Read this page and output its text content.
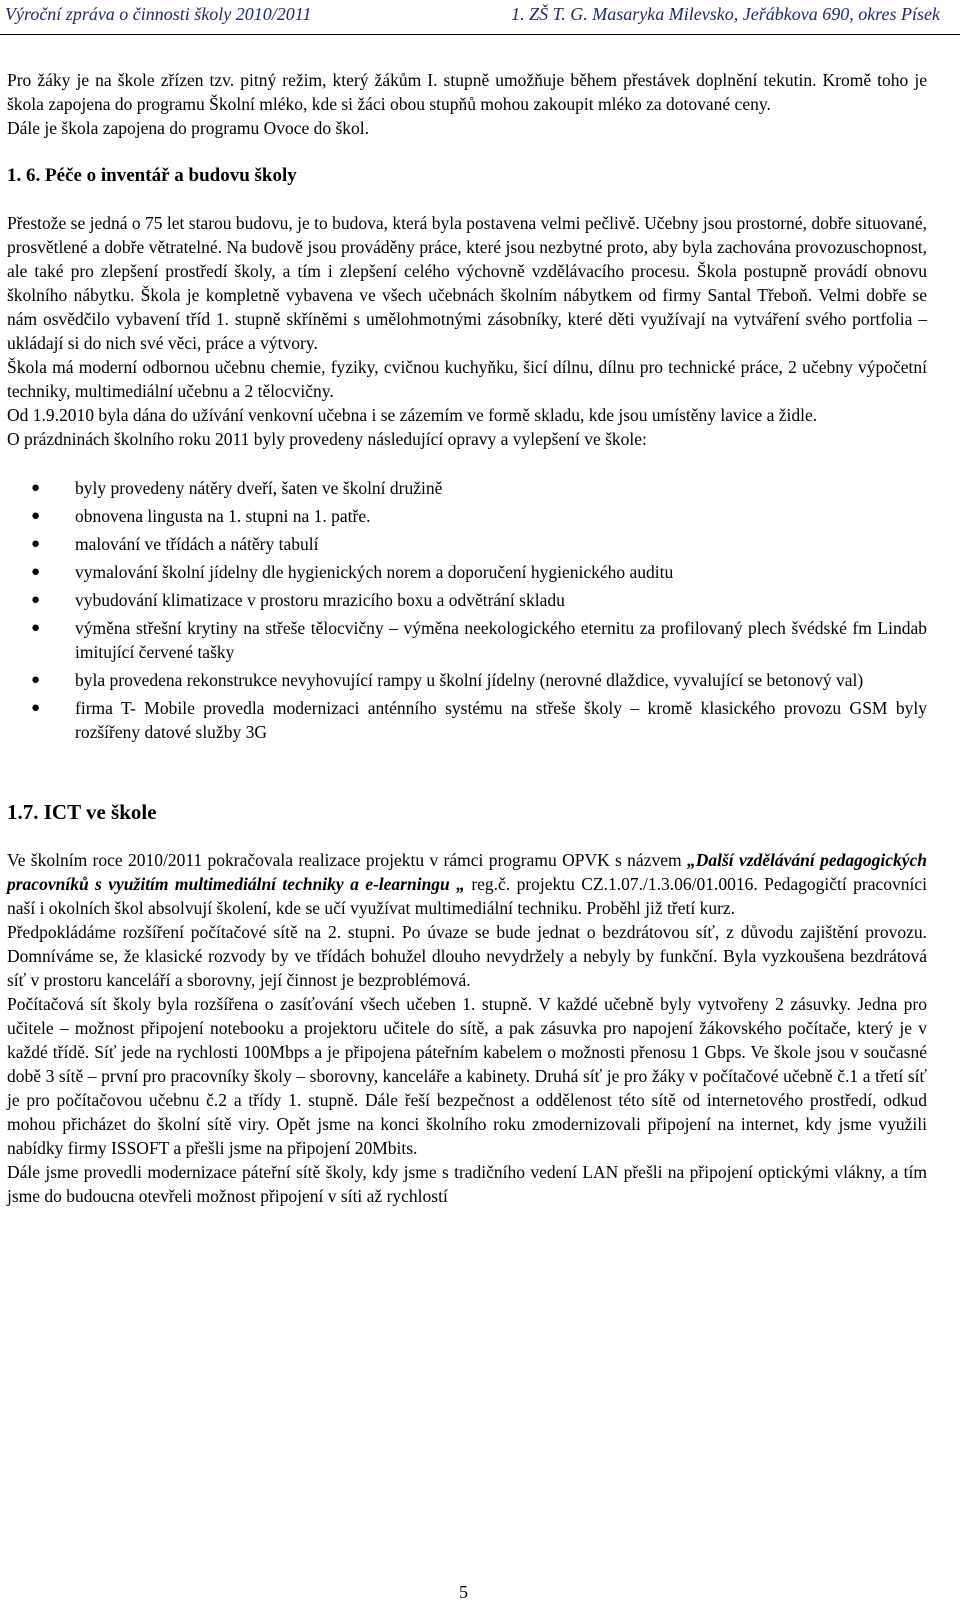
Výroční zpráva o činnosti školy 2010/2011	1. ZŠ T. G. Masaryka Milevsko, Jeřábkova 690, okres Písek

Pro žáky je na škole zřízen tzv. pitný režim, který žákům I. stupně umožňuje během přestávek doplnění tekutin. Kromě toho je škola zapojena do programu Školní mléko, kde si žáci obou stupňů mohou zakoupit mléko za dotované ceny.

Dále je škola zapojena do programu Ovoce do škol.

1. 6. Péče o inventář a budovu školy

Přestože se jedná o 75 let starou budovu, je to budova, která byla postavena velmi pečlivě. Učebny jsou prostorné, dobře situované, prosvětlené a dobře větratelné. Na budově jsou prováděny práce, které jsou nezbytné proto, aby byla zachována provozuschopnost, ale také pro zlepšení prostředí školy, a tím i zlepšení celého výchovně vzdělávacího procesu. Škola postupně provádí obnovu školního nábytku. Škola je kompletně vybavena ve všech učebnách školním nábytkem od firmy Santal Třeboň. Velmi dobře se nám osvědčilo vybavení tříd 1. stupně skříněmi s umělohmotnými zásobníky, které děti využívají na vytváření svého portfolia – ukládají si do nich své věci, práce a výtvory.

Škola má moderní odbornou učebnu chemie, fyziky, cvičnou kuchyňku, šicí dílnu, dílnu pro technické práce, 2 učebny výpočetní techniky, multimediální učebnu a 2 tělocvičny.

Od 1.9.2010 byla dána do užívání venkovní učebna i se zázemím ve formě skladu, kde jsou umístěny lavice a židle.

O prázdninách školního roku 2011 byly provedeny následující opravy a vylepšení ve škole:

● byly provedeny nátěry dveří, šaten ve školní družině
● obnovena lingusta na 1. stupni na 1. patře.
● malování ve třídách a nátěry tabulí
● vymalování školní jídelny dle hygienických norem a doporučení hygienického auditu
● vybudování klimatizace v prostoru mrazicího boxu a odvětrání skladu
● výměna střešní krytiny na střeše tělocvičny – výměna neekologického eternitu za profilovaný plech švédské fm Lindab imitující červené tašky
● byla provedena rekonstrukce nevyhovující rampy u školní jídelny (nerovné dlaždice, vyvalující se betonový val)
● firma T- Mobile provedla modernizaci anténního systému na střeše školy – kromě klasického provozu GSM byly rozšířeny datové služby 3G
1.7. ICT ve škole

Ve školním roce 2010/2011 pokračovala realizace projektu v rámci programu OPVK s názvem „Další vzdělávání pedagogických pracovníků s využitím multimediální techniky a e-learningu „ reg.č. projektu CZ.1.07./1.3.06/01.0016. Pedagogičtí pracovníci naší i okolních škol absolvují školení, kde se učí využívat multimediální techniku. Proběhl již třetí kurz.

Předpokládáme rozšíření počítačové sítě na 2. stupni. Po úvaze se bude jednat o bezdrátovou síť, z důvodu zajištění provozu. Domníváme se, že klasické rozvody by ve třídách bohužel dlouho nevydržely a nebyly by funkční. Byla vyzkoušena bezdrátová síť v prostoru kanceláří a sborovny, její činnost je bezproblémová.

Počítačová sít školy byla rozšířena o zasíťování všech učeben 1. stupně. V každé učebně byly vytvořeny 2 zásuvky. Jedna pro učitele – možnost připojení notebooku a projektoru učitele do sítě, a pak zásuvka pro napojení žákovského počítače, který je v každé třídě. Síť jede na rychlosti 100Mbps a je připojena páteřním kabelem o možnosti přenosu 1 Gbps. Ve škole jsou v současné době 3 sítě – první pro pracovníky školy – sborovny, kanceláře a kabinety. Druhá síť je pro žáky v počítačové učebně č.1 a třetí síť je pro počítačovou učebnu č.2 a třídy 1. stupně. Dále řeší bezpečnost a oddělenost této sítě od internetového prostředí, odkud mohou přicházet do školní sítě viry. Opět jsme na konci školního roku zmodernizovali připojení na internet, kdy jsme využili nabídky firmy ISSOFT a přešli jsme na připojení 20Mbits.

Dále jsme provedli modernizace páteřní sítě školy, kdy jsme s tradičního vedení LAN přešli na připojení optickými vlákny, a tím jsme do budoucna otevřeli možnost připojení v síti až rychlostí

5
